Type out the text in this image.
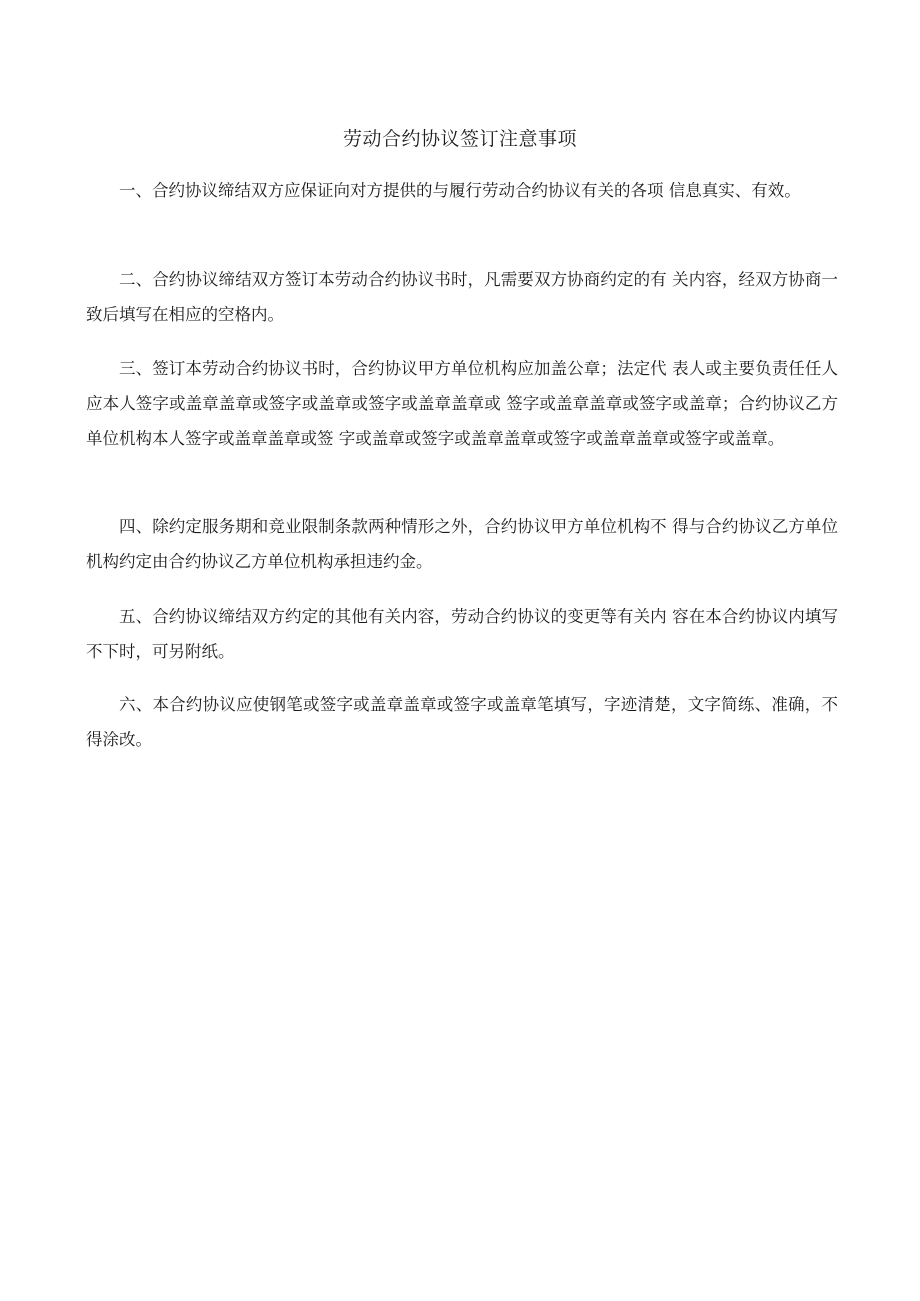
劳动合约协议签订注意事项

一、合约协议缔结双方应保证向对方提供的与履行劳动合约协议有关的各项 信息真实、有效。

二、合约协议缔结双方签订本劳动合约协议书时，凡需要双方协商约定的有 关内容，经双方协商一致后填写在相应的空格内。

三、签订本劳动合约协议书时，合约协议甲方单位机构应加盖公章；法定代 表人或主要负责任任人应本人签字或盖章盖章或签字或盖章或签字或盖章盖章或 签字或盖章盖章或签字或盖章；合约协议乙方单位机构本人签字或盖章盖章或签 字或盖章或签字或盖章盖章或签字或盖章盖章或签字或盖章。

四、除约定服务期和竞业限制条款两种情形之外，合约协议甲方单位机构不 得与合约协议乙方单位机构约定由合约协议乙方单位机构承担违约金。

五、合约协议缔结双方约定的其他有关内容，劳动合约协议的变更等有关内 容在本合约协议内填写不下时，可另附纸。

六、本合约协议应使钢笔或签字或盖章盖章或签字或盖章笔填写，字迹清楚，文字简练、准确，不得涂改。
